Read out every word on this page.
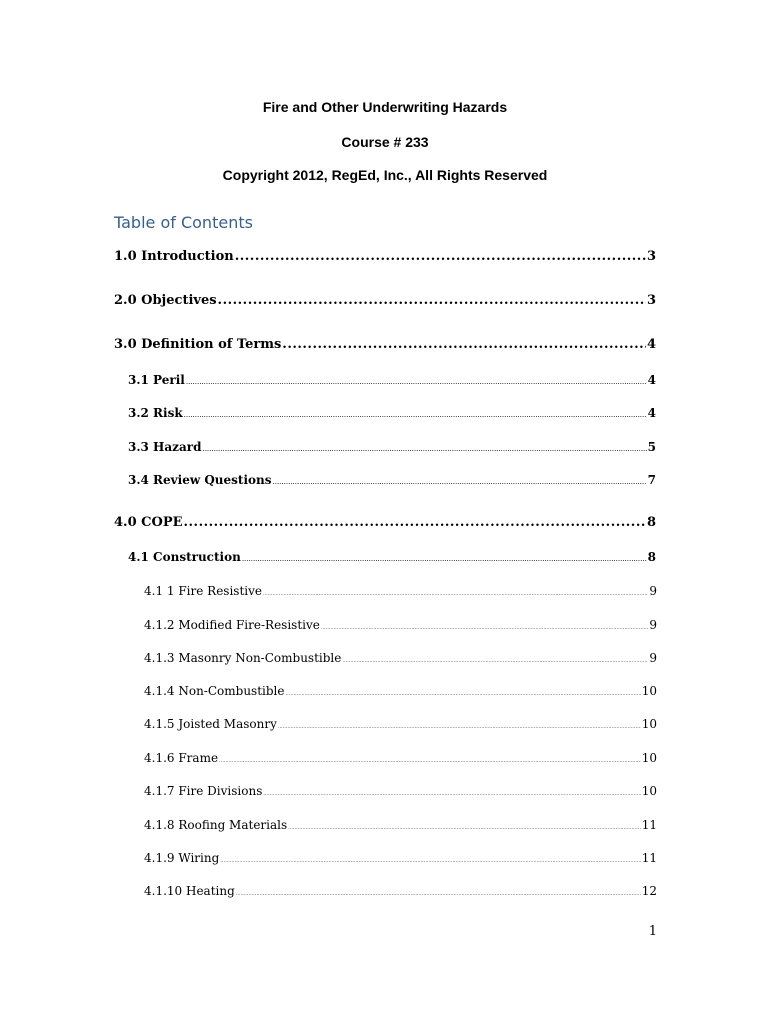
Fire and Other Underwriting Hazards
Course # 233
Copyright 2012, RegEd, Inc., All Rights Reserved
Table of Contents
1.0 Introduction .....	3
2.0 Objectives .....	3
3.0 Definition of Terms .....	4
3.1 Peril .....	4
3.2 Risk .....	4
3.3 Hazard .....	5
3.4 Review Questions .....	7
4.0 COPE .....	8
4.1 Construction .....	8
4.1 1 Fire Resistive .....	9
4.1.2 Modified Fire-Resistive .....	9
4.1.3 Masonry Non-Combustible .....	9
4.1.4 Non-Combustible .....	10
4.1.5 Joisted Masonry .....	10
4.1.6 Frame .....	10
4.1.7 Fire Divisions .....	10
4.1.8 Roofing Materials .....	11
4.1.9 Wiring .....	11
4.1.10 Heating .....	12
1
